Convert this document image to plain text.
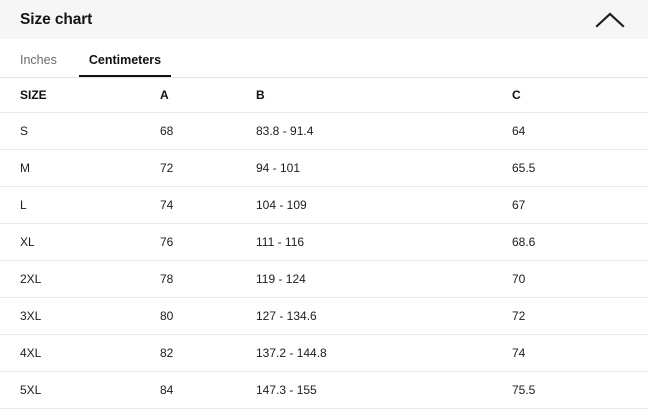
Size chart
Inches	Centimeters
SIZE	A	B	C
S	68	83.8 - 91.4	64
M	72	94 - 101	65.5
L	74	104 - 109	67
XL	76	111 - 116	68.6
2XL	78	119 - 124	70
3XL	80	127 - 134.6	72
4XL	82	137.2 - 144.8	74
5XL	84	147.3 - 155	75.5
